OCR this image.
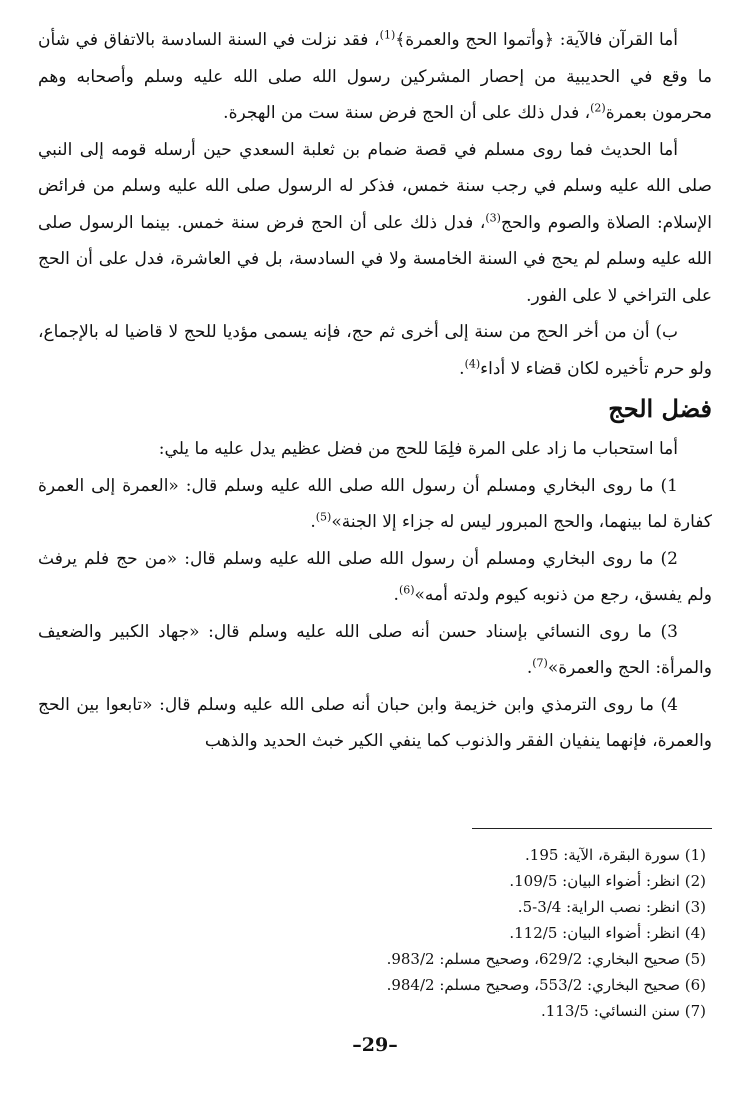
أما القرآن فالآية: ﴿وأتموا الحج والعمرة﴾$^{(1)}$، فقد نزلت في السنة السادسة بالاتفاق في شأن ما وقع في الحديبية من إحصار المشركين رسول الله صلى الله عليه وسلم وأصحابه وهم محرمون بعمرة$^{(2)}$، فدل ذلك على أن الحج فرض سنة ست من الهجرة.

أما الحديث فما روى مسلم في قصة ضمام بن ثعلبة السعدي حين أرسله قومه إلى النبي صلى الله عليه وسلم في رجب سنة خمس، فذكر له الرسول صلى الله عليه وسلم من فرائض الإسلام: الصلاة والصوم والحج$^{(3)}$، فدل ذلك على أن الحج فرض سنة خمس. بينما الرسول صلى الله عليه وسلم لم يحج في السنة الخامسة ولا في السادسة، بل في العاشرة، فدل على أن الحج على التراخي لا على الفور.

ب) أن من أخر الحج من سنة إلى أخرى ثم حج، فإنه يسمى مؤديا للحج لا قاضيا له بالإجماع، ولو حرم تأخيره لكان قضاء لا أداء$^{(4)}$.

فضل الحج

أما استحباب ما زاد على المرة فلِمَا للحج من فضل عظيم يدل عليه ما يلي:

1) ما روى البخاري ومسلم أن رسول الله صلى الله عليه وسلم قال: «العمرة إلى العمرة كفارة لما بينهما، والحج المبرور ليس له جزاء إلا الجنة»$^{(5)}$.

2) ما روى البخاري ومسلم أن رسول الله صلى الله عليه وسلم قال: «من حج فلم يرفث ولم يفسق، رجع من ذنوبه كيوم ولدته أمه»$^{(6)}$.

3) ما روى النسائي بإسناد حسن أنه صلى الله عليه وسلم قال: «جهاد الكبير والضعيف والمرأة: الحج والعمرة»$^{(7)}$.

4) ما روى الترمذي وابن خزيمة وابن حبان أنه صلى الله عليه وسلم قال: «تابعوا بين الحج والعمرة، فإنهما ينفيان الفقر والذنوب كما ينفي الكير خبث الحديد والذهب

(1) سورة البقرة، الآية: 195.
(2) انظر: أضواء البيان: 109/5.
(3) انظر: نصب الراية: 3/4-5.
(4) انظر: أضواء البيان: 112/5.
(5) صحيح البخاري: 629/2، وصحيح مسلم: 983/2.
(6) صحيح البخاري: 553/2، وصحيح مسلم: 984/2.
(7) سنن النسائي: 113/5.
–29–
